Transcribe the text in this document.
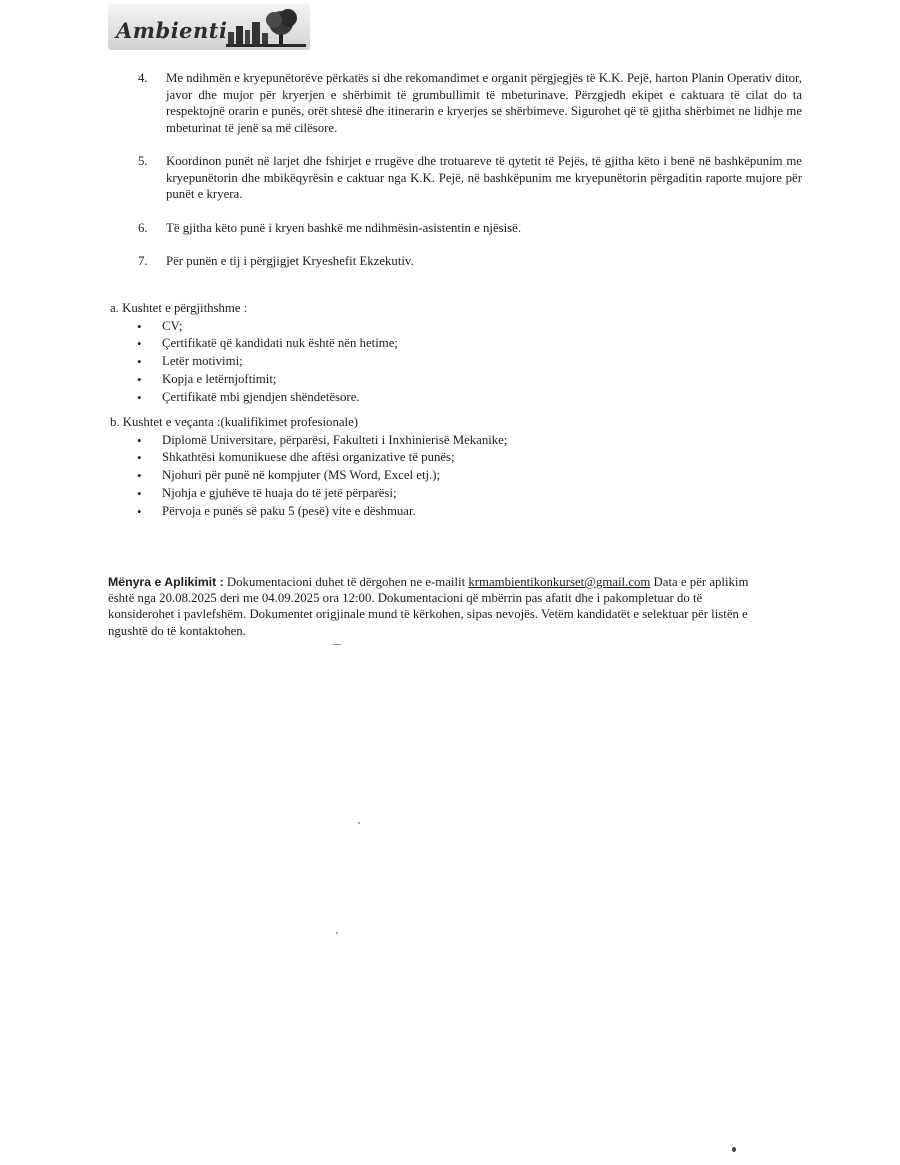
Ambienti
4. Me ndihmën e kryepunëtorëve përkatës si dhe rekomandimet e organit përgjegjës të K.K. Pejë, harton Planin Operativ ditor, javor dhe mujor për kryerjen e shërbimit të grumbullimit të mbeturinave. Përzgjedh ekipet e caktuara të cilat do ta respektojnë orarin e punës, orët shtesë dhe itinerarin e kryerjes se shërbimeve. Sigurohet që të gjitha shërbimet ne lidhje me mbeturinat të jenë sa më cilësore.
5. Koordinon punët në larjet dhe fshirjet e rrugëve dhe trotuareve të qytetit të Pejës, të gjitha këto i benë në bashkëpunim me kryepunëtorin dhe mbikëqyrësin e caktuar nga K.K. Pejë, në bashkëpunim me kryepunëtorin përgaditin raporte mujore për punët e kryera.
6. Të gjitha këto punë i kryen bashkë me ndihmësin-asistentin e njësisë.
7. Për punën e tij i përgjigjet Kryeshefit Ekzekutiv.
a. Kushtet e përgjithshme :
• CV;
• Çertifikatë që kandidati nuk është nën hetime;
• Letër motivimi;
• Kopja e letërnjoftimit;
• Çertifikatë mbi gjendjen shëndetësore.
b. Kushtet e veçanta :(kualifikimet profesionale)
• Diplomë Universitare, përparësi, Fakulteti i Inxhinierisë Mekanike;
• Shkathtësi komunikuese dhe aftësi organizative të punës;
• Njohuri për punë në kompjuter (MS Word, Excel etj.);
• Njohja e gjuhëve të huaja do të jetë përparësi;
• Përvoja e punës së paku 5 (pesë) vite e dëshmuar.
Mënyra e Aplikimit : Dokumentacioni duhet të dërgohen ne e-mailit krmambientikonkurset@gmail.com Data e për aplikim është nga 20.08.2025 deri me 04.09.2025 ora 12:00. Dokumentacioni që mbërrin pas afatit dhe i pakompletuar do të konsiderohet i pavlefshëm. Dokumentet origjinale mund të kërkohen, sipas nevojës. Vetëm kandidatët e selektuar për listën e ngushtë do të kontaktohen.
